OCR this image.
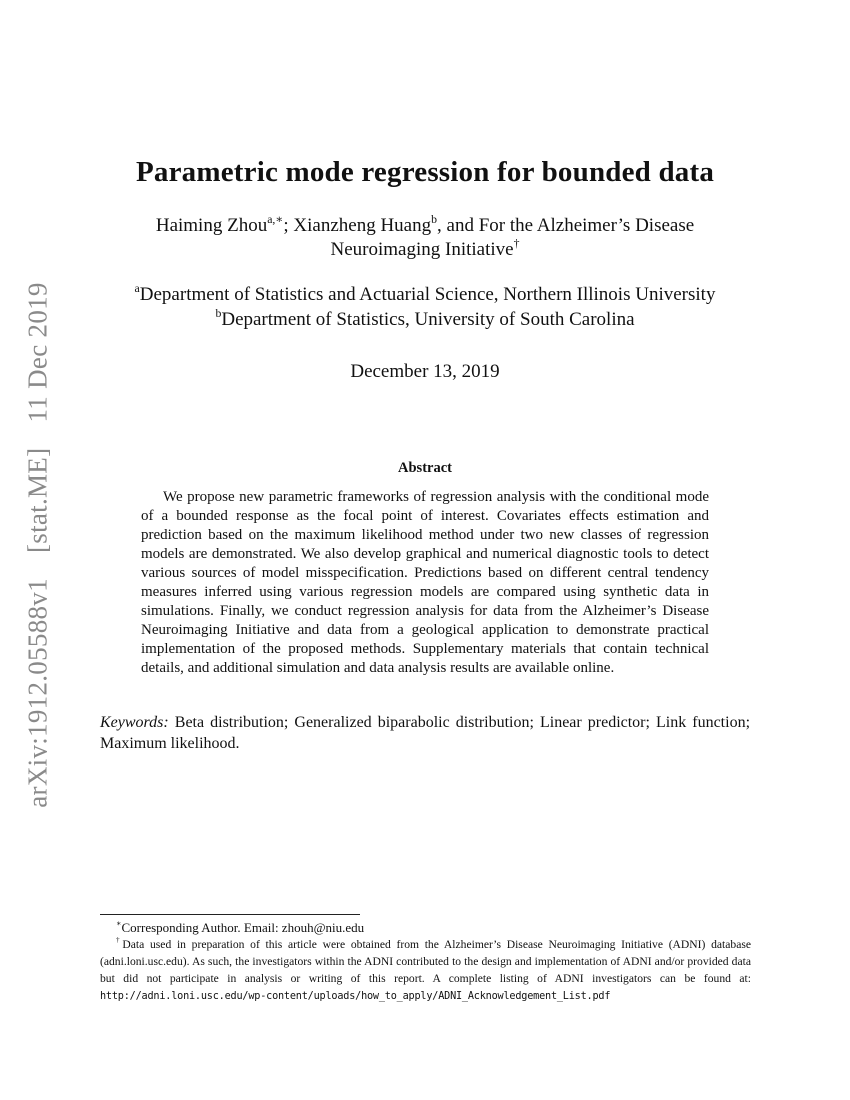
arXiv:1912.05588v1 [stat.ME] 11 Dec 2019
Parametric mode regression for bounded data
Haiming Zhou$^{a,∗}$; Xianzheng Huang$^b$, and For the Alzheimer’s Disease
Neuroimaging Initiative†
$^a$Department of Statistics and Actuarial Science, Northern Illinois University
$^b$Department of Statistics, University of South Carolina
December 13, 2019
Abstract
We propose new parametric frameworks of regression analysis with the conditional mode of a bounded response as the focal point of interest. Covariates effects estimation and prediction based on the maximum likelihood method under two new classes of regression models are demonstrated. We also develop graphical and numerical diagnostic tools to detect various sources of model misspecification. Predictions based on different central tendency measures inferred using various regression models are compared using synthetic data in simulations. Finally, we conduct regression analysis for data from the Alzheimer’s Disease Neuroimaging Initiative and data from a geological application to demonstrate practical implementation of the proposed methods. Supplementary materials that contain technical details, and additional simulation and data analysis results are available online.
Keywords: Beta distribution; Generalized biparabolic distribution; Linear predictor; Link function; Maximum likelihood.
∗Corresponding Author. Email: zhouh@niu.edu
†Data used in preparation of this article were obtained from the Alzheimer’s Disease Neuroimaging Initiative (ADNI) database (adni.loni.usc.edu). As such, the investigators within the ADNI contributed to the design and implementation of ADNI and/or provided data but did not participate in analysis or writing of this report. A complete listing of ADNI investigators can be found at: http://adni.loni.usc.edu/wp-content/uploads/how_to_apply/ADNI_Acknowledgement_List.pdf
